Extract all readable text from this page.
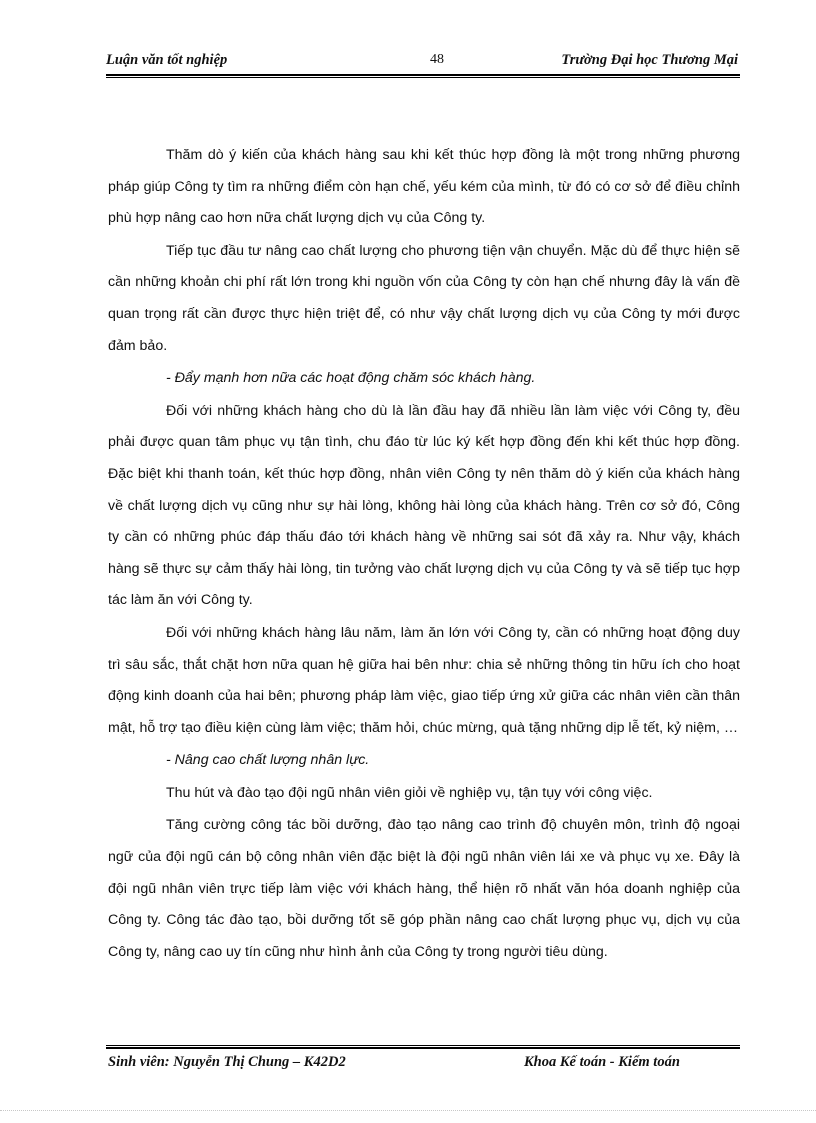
Luận văn tốt nghiệp	48	Trường Đại học Thương Mại

Thăm dò ý kiến của khách hàng sau khi kết thúc hợp đồng là một trong những phương pháp giúp Công ty tìm ra những điểm còn hạn chế, yếu kém của mình, từ đó có cơ sở để điều chỉnh phù hợp nâng cao hơn nữa chất lượng dịch vụ của Công ty.

Tiếp tục đầu tư nâng cao chất lượng cho phương tiện vận chuyển. Mặc dù để thực hiện sẽ cần những khoản chi phí rất lớn trong khi nguồn vốn của Công ty còn hạn chế nhưng đây là vấn đề quan trọng rất cần được thực hiện triệt để, có như vậy chất lượng dịch vụ của Công ty mới được đảm bảo.

- Đẩy mạnh hơn nữa các hoạt động chăm sóc khách hàng.

Đối với những khách hàng cho dù là lần đầu hay đã nhiều lần làm việc với Công ty, đều phải được quan tâm phục vụ tận tình, chu đáo từ lúc ký kết hợp đồng đến khi kết thúc hợp đồng. Đặc biệt khi thanh toán, kết thúc hợp đồng, nhân viên Công ty nên thăm dò ý kiến của khách hàng về chất lượng dịch vụ cũng như sự hài lòng, không hài lòng của khách hàng. Trên cơ sở đó, Công ty cần có những phúc đáp thấu đáo tới khách hàng về những sai sót đã xảy ra. Như vậy, khách hàng sẽ thực sự cảm thấy hài lòng, tin tưởng vào chất lượng dịch vụ của Công ty và sẽ tiếp tục hợp tác làm ăn với Công ty.

Đối với những khách hàng lâu năm, làm ăn lớn với Công ty, cần có những hoạt động duy trì sâu sắc, thắt chặt hơn nữa quan hệ giữa hai bên như: chia sẻ những thông tin hữu ích cho hoạt động kinh doanh của hai bên; phương pháp làm việc, giao tiếp ứng xử giữa các nhân viên cần thân mật, hỗ trợ tạo điều kiện cùng làm việc; thăm hỏi, chúc mừng, quà tặng những dịp lễ tết, kỷ niệm, …

- Nâng cao chất lượng nhân lực.

Thu hút và đào tạo đội ngũ nhân viên giỏi về nghiệp vụ, tận tụy với công việc.

Tăng cường công tác bồi dưỡng, đào tạo nâng cao trình độ chuyên môn, trình độ ngoại ngữ của đội ngũ cán bộ công nhân viên đặc biệt là đội ngũ nhân viên lái xe và phục vụ xe. Đây là đội ngũ nhân viên trực tiếp làm việc với khách hàng, thể hiện rõ nhất văn hóa doanh nghiệp của Công ty. Công tác đào tạo, bồi dưỡng tốt sẽ góp phần nâng cao chất lượng phục vụ, dịch vụ của Công ty, nâng cao uy tín cũng như hình ảnh của Công ty trong người tiêu dùng.

Sinh viên: Nguyễn Thị Chung – K42D2	Khoa Kế toán - Kiểm toán
